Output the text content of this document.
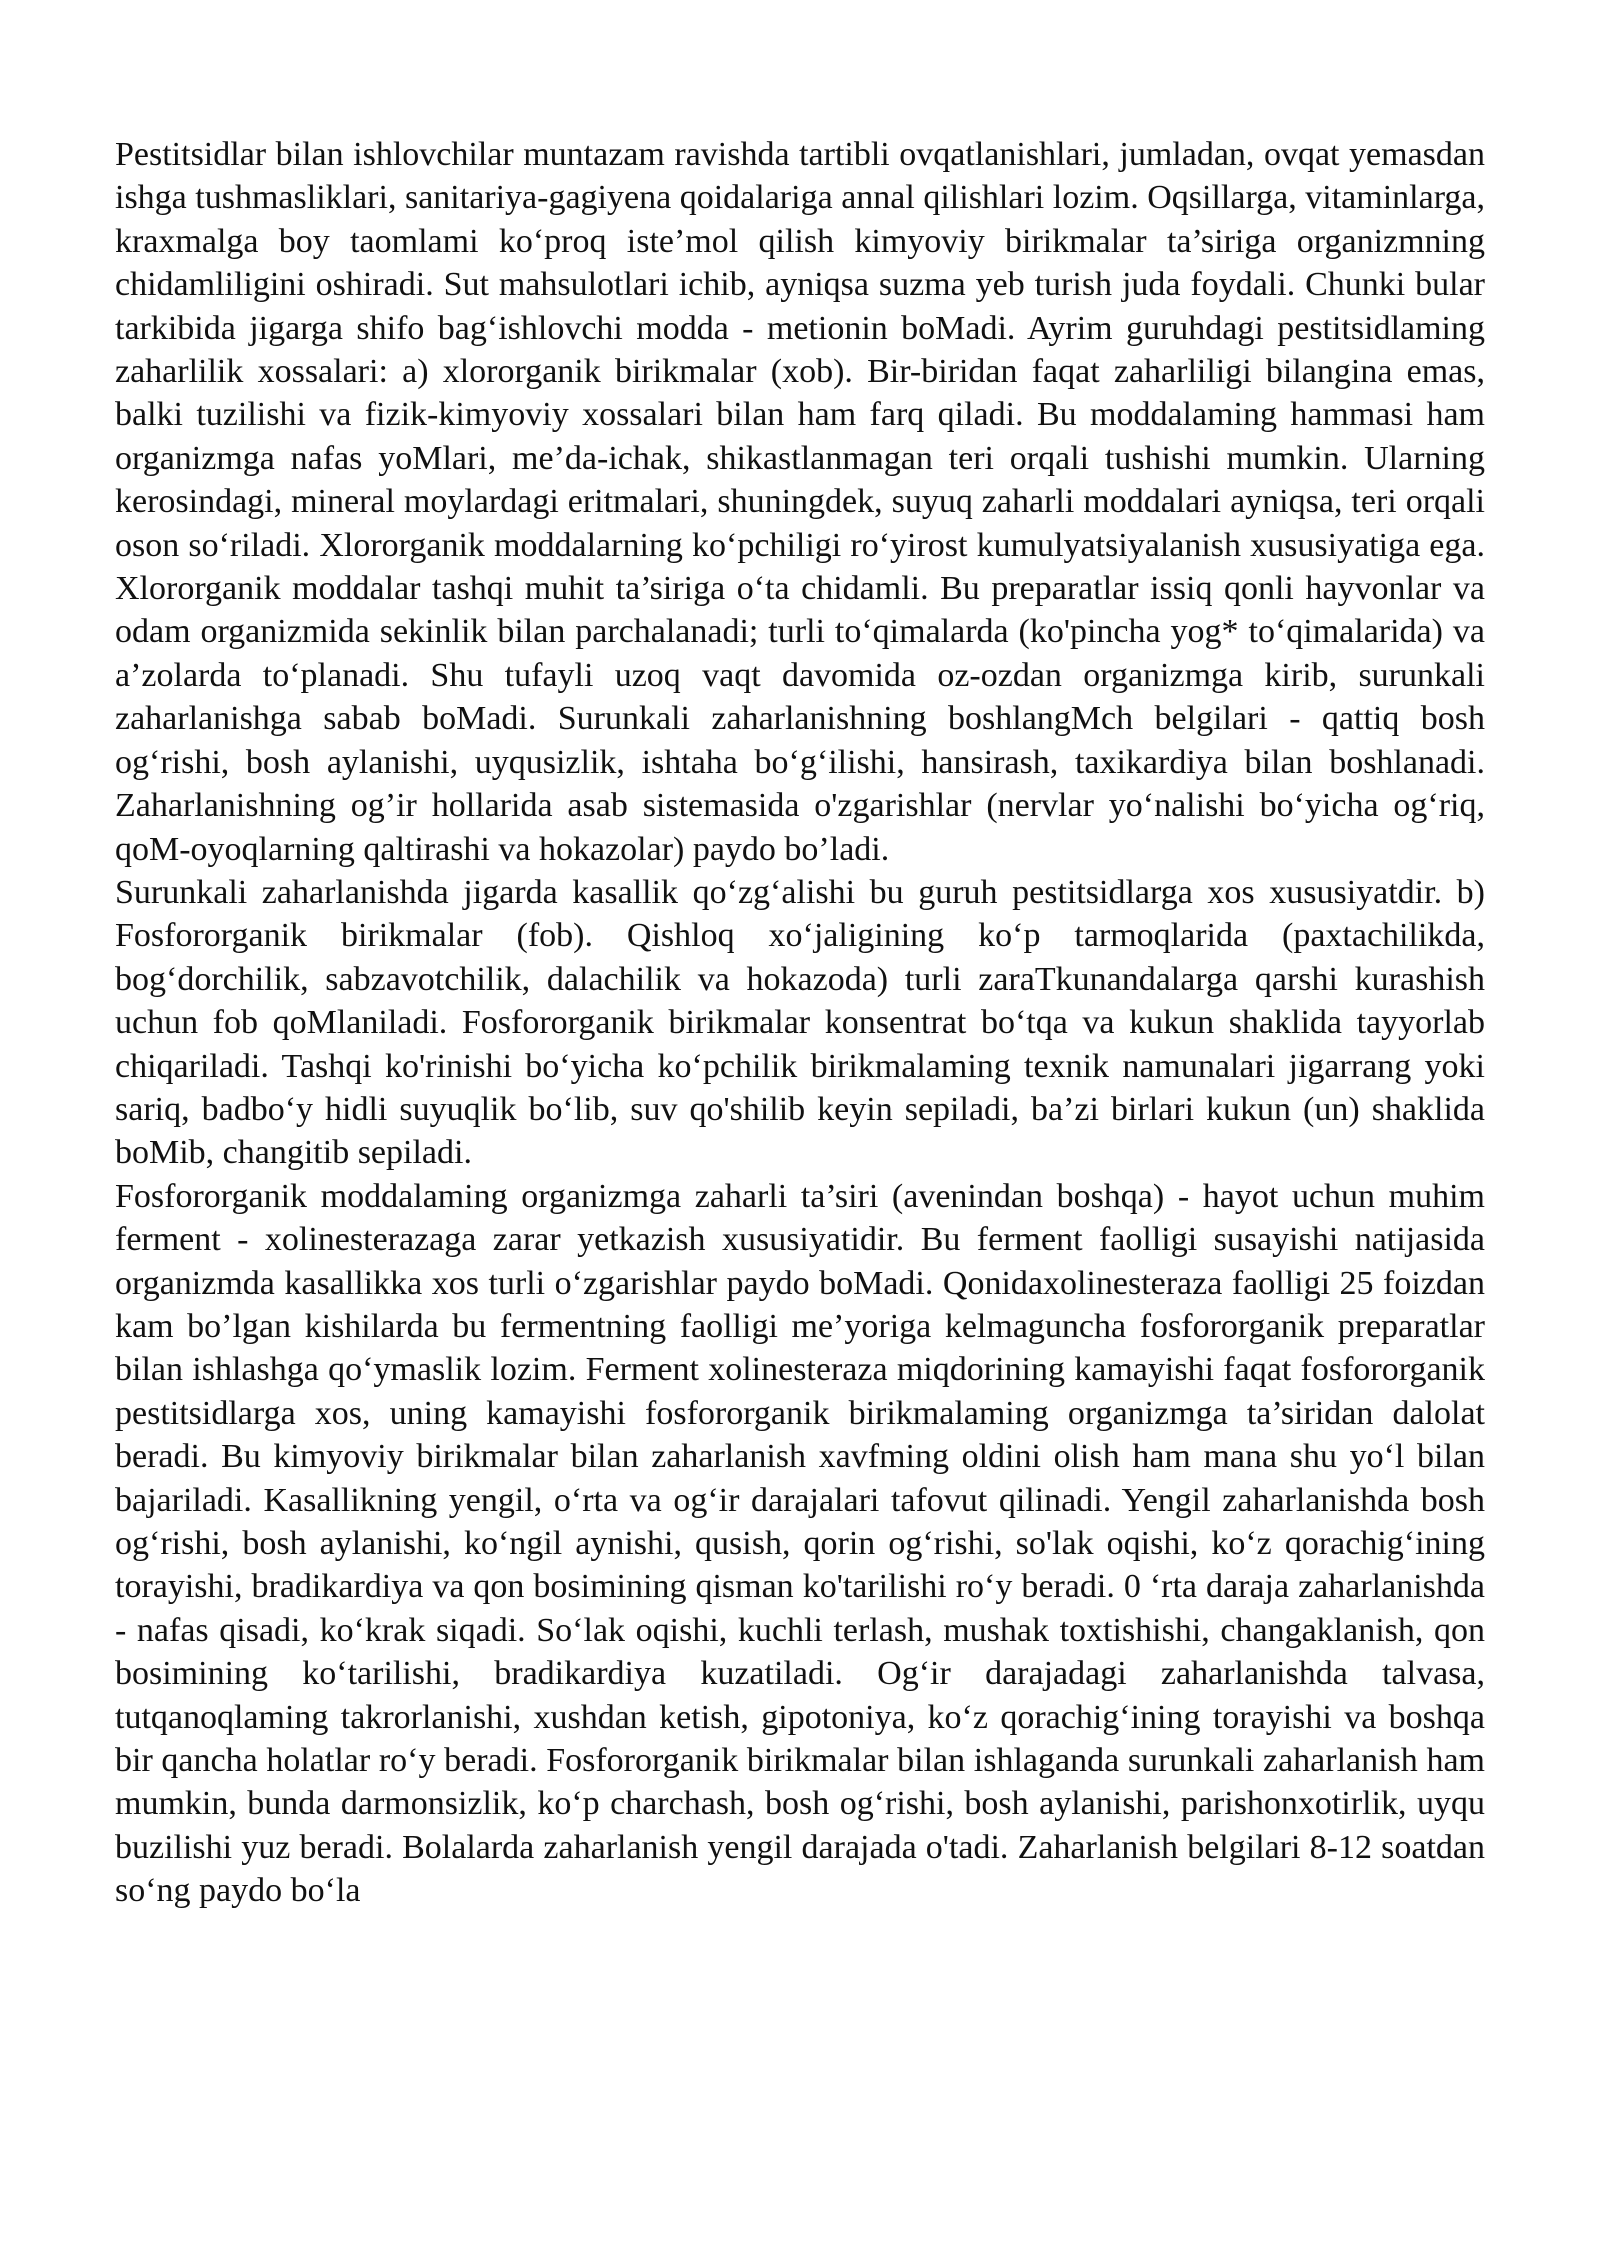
Pestitsidlar bilan ishlovchilar muntazam ravishda tartibli ovqatlanishlari, jumladan, ovqat yemasdan ishga tushmasliklari, sanitariya-gagiyena qoidalariga annal qilishlari lozim. Oqsillarga, vitaminlarga, kraxmalga boy taomlami ko‘proq iste’mol qilish kimyoviy birikmalar ta’siriga organizmning chidamliligini oshiradi. Sut mahsulotlari ichib, ayniqsa suzma yeb turish juda foydali. Chunki bular tarkibida jigarga shifo bag‘ishlovchi modda - metionin boMadi. Ayrim guruhdagi pestitsidlaming zaharlilik xossalari: a) xlororganik birikmalar (xob). Bir-biridan faqat zaharliligi bilangina emas, balki tuzilishi va fizik-kimyoviy xossalari bilan ham farq qiladi. Bu moddalaming hammasi ham organizmga nafas yoMlari, me’da-ichak, shikastlanmagan teri orqali tushishi mumkin. Ularning kerosindagi, mineral moylardagi eritmalari, shuningdek, suyuq zaharli moddalari ayniqsa, teri orqali oson so‘riladi. Xlororganik moddalarning ko‘pchiligi ro‘yirost kumulyatsiyalanish xususiyatiga ega. Xlororganik moddalar tashqi muhit ta’siriga o‘ta chidamli. Bu preparatlar issiq qonli hayvonlar va odam organizmida sekinlik bilan parchalanadi; turli to‘qimalarda (ko'pincha yog* to‘qimalarida) va a’zolarda to‘planadi. Shu tufayli uzoq vaqt davomida oz-ozdan organizmga kirib, surunkali zaharlanishga sabab boMadi. Surunkali zaharlanishning boshlangMch belgilari - qattiq bosh og‘rishi, bosh aylanishi, uyqusizlik, ishtaha bo‘g‘ilishi, hansirash, taxikardiya bilan boshlanadi. Zaharlanishning og’ir hollarida asab sistemasida o'zgarishlar (nervlar yo‘nalishi bo‘yicha og‘riq, qoM-oyoqlarning qaltirashi va hokazolar) paydo bo’ladi.

Surunkali zaharlanishda jigarda kasallik qo‘zg‘alishi bu guruh pestitsidlarga xos xususiyatdir. b) Fosfororganik birikmalar (fob). Qishloq xo‘jaligining ko‘p tarmoqlarida (paxtachilikda, bog‘dorchilik, sabzavotchilik, dalachilik va hokazoda) turli zaraTkunandalarga qarshi kurashish uchun fob qoMlaniladi. Fosfororganik birikmalar konsentrat bo‘tqa va kukun shaklida tayyorlab chiqariladi. Tashqi ko'rinishi bo‘yicha ko‘pchilik birikmalaming texnik namunalari jigarrang yoki sariq, badbo‘y hidli suyuqlik bo‘lib, suv qo'shilib keyin sepiladi, ba’zi birlari kukun (un) shaklida boMib, changitib sepiladi.

Fosfororganik moddalaming organizmga zaharli ta’siri (avenindan boshqa) - hayot uchun muhim ferment - xolinesterazaga zarar yetkazish xususiyatidir. Bu ferment faolligi susayishi natijasida organizmda kasallikka xos turli o‘zgarishlar paydo boMadi. Qonidaxolinesteraza faolligi 25 foizdan kam bo’lgan kishilarda bu fermentning faolligi me’yoriga kelmaguncha fosfororganik preparatlar bilan ishlashga qo‘ymaslik lozim. Ferment xolinesteraza miqdorining kamayishi faqat fosfororganik pestitsidlarga xos, uning kamayishi fosfororganik birikmalaming organizmga ta’siridan dalolat beradi. Bu kimyoviy birikmalar bilan zaharlanish xavfming oldini olish ham mana shu yo‘l bilan bajariladi. Kasallikning yengil, o‘rta va og‘ir darajalari tafovut qilinadi. Yengil zaharlanishda bosh og‘rishi, bosh aylanishi, ko‘ngil aynishi, qusish, qorin og‘rishi, so'lak oqishi, ko‘z qorachig‘ining torayishi, bradikardiya va qon bosimining qisman ko'tarilishi ro‘y beradi. 0 ‘rta daraja zaharlanishda - nafas qisadi, ko‘krak siqadi. So‘lak oqishi, kuchli terlash, mushak toxtishishi, changaklanish, qon bosimining ko‘tarilishi, bradikardiya kuzatiladi. Og‘ir darajadagi zaharlanishda talvasa, tutqanoqlaming takrorlanishi, xushdan ketish, gipotoniya, ko‘z qorachig‘ining torayishi va boshqa bir qancha holatlar ro‘y beradi. Fosfororganik birikmalar bilan ishlaganda surunkali zaharlanish ham mumkin, bunda darmonsizlik, ko‘p charchash, bosh og‘rishi, bosh aylanishi, parishonxotirlik, uyqu buzilishi yuz beradi. Bolalarda zaharlanish yengil darajada o'tadi. Zaharlanish belgilari 8-12 soatdan so‘ng paydo bo‘la
